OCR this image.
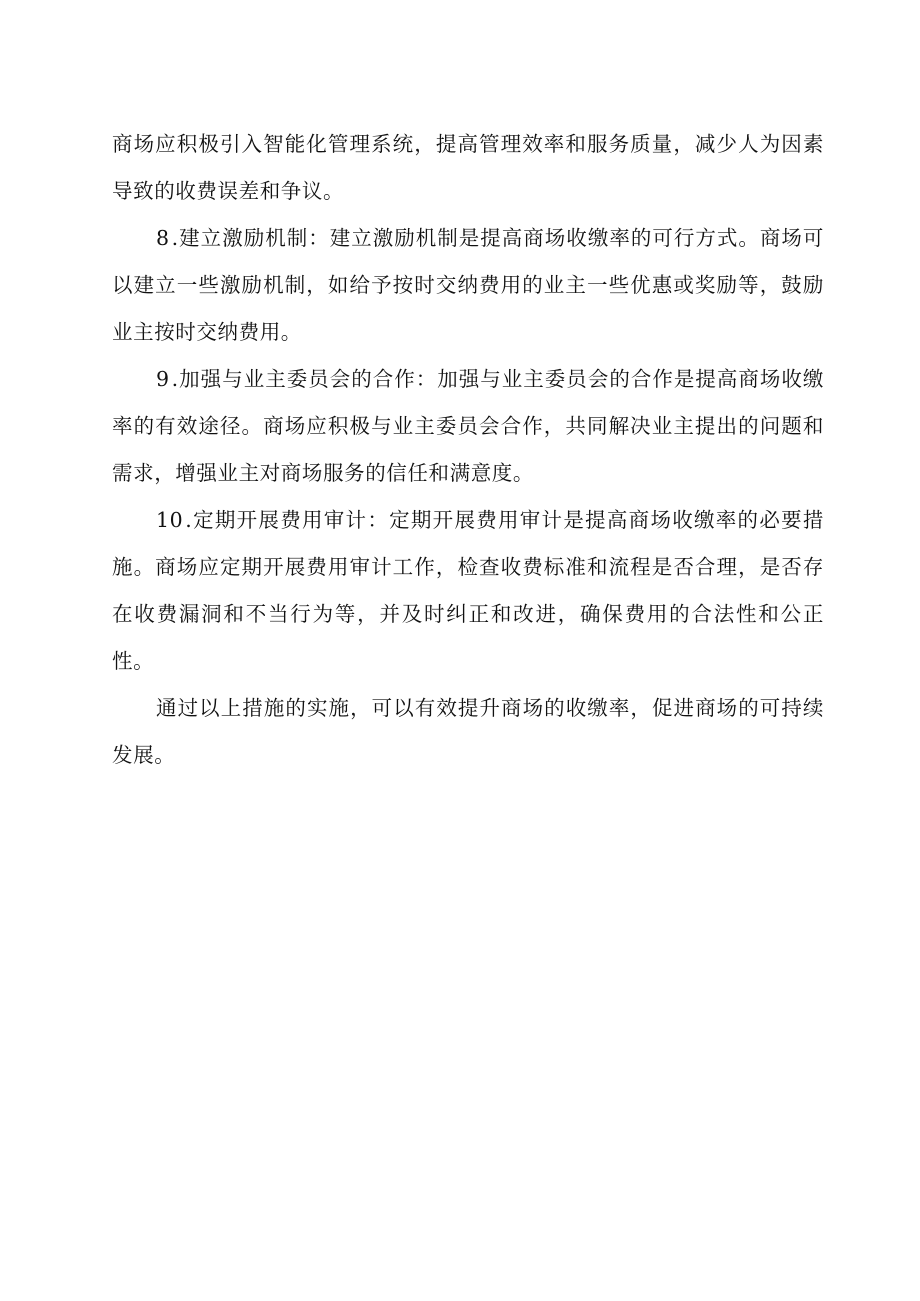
商场应积极引入智能化管理系统，提高管理效率和服务质量，减少人为因素导致的收费误差和争议。

8.建立激励机制：建立激励机制是提高商场收缴率的可行方式。商场可以建立一些激励机制，如给予按时交纳费用的业主一些优惠或奖励等，鼓励业主按时交纳费用。

9.加强与业主委员会的合作：加强与业主委员会的合作是提高商场收缴率的有效途径。商场应积极与业主委员会合作，共同解决业主提出的问题和需求，增强业主对商场服务的信任和满意度。

10.定期开展费用审计：定期开展费用审计是提高商场收缴率的必要措施。商场应定期开展费用审计工作，检查收费标准和流程是否合理，是否存在收费漏洞和不当行为等，并及时纠正和改进，确保费用的合法性和公正性。

通过以上措施的实施，可以有效提升商场的收缴率，促进商场的可持续发展。
